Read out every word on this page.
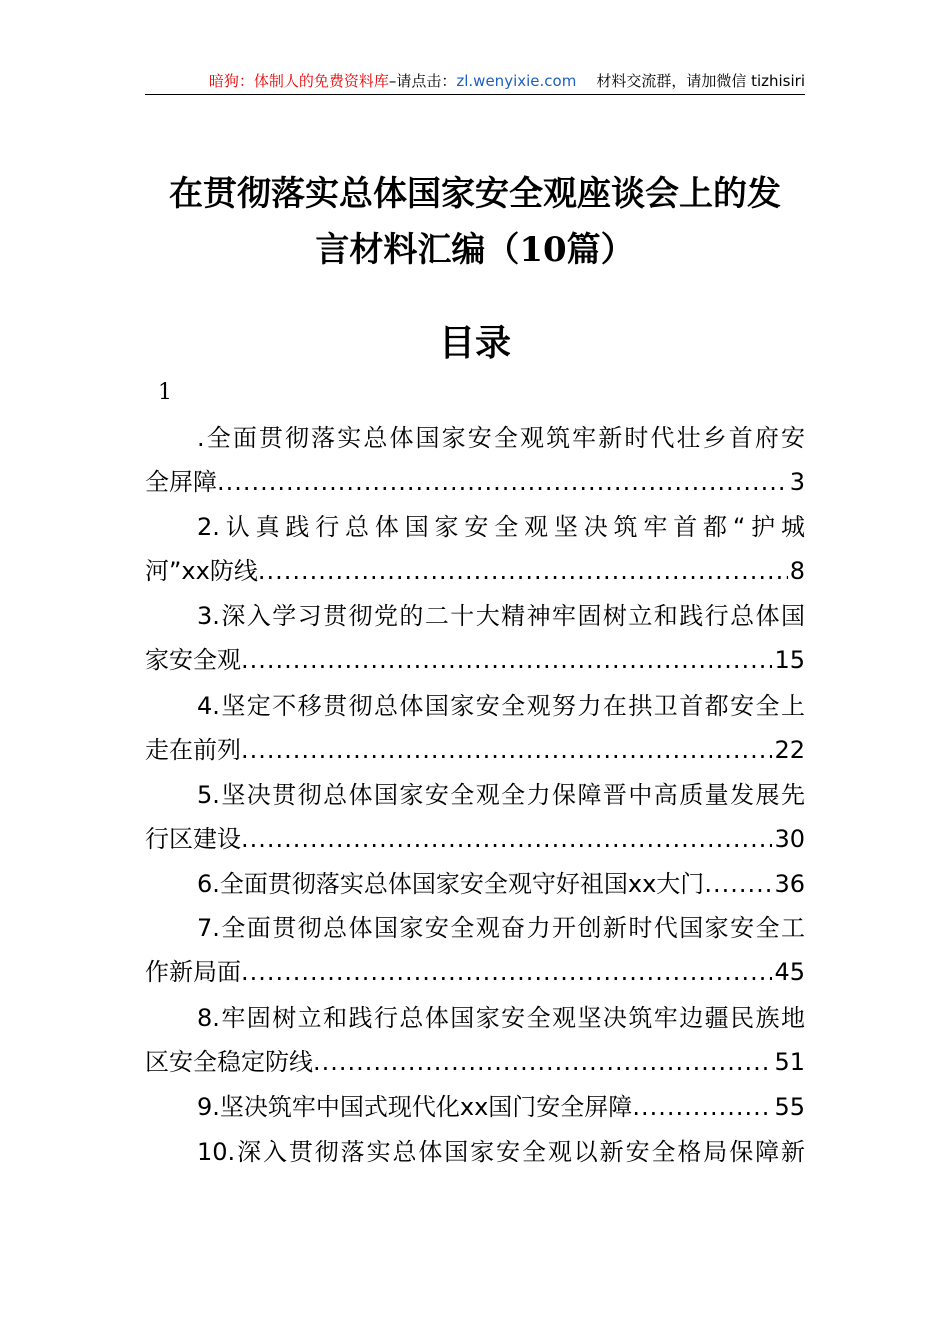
暗狗：体制人的免费资料库–请点击：zl.wenyixie.com 材料交流群，请加微信 tizhisiri
在贯彻落实总体国家安全观座谈会上的发
言材料汇编（10篇）
目录
1
.全面贯彻落实总体国家安全观筑牢新时代壮乡首府安
全屏障 .....	3
2.认真践行总体国家安全观坚决筑牢首都“护城
河”xx防线 .....	8
3.深入学习贯彻党的二十大精神牢固树立和践行总体国
家安全观 .....	15
4.坚定不移贯彻总体国家安全观努力在拱卫首都安全上
走在前列 .....	22
5.坚决贯彻总体国家安全观全力保障晋中高质量发展先
行区建设 .....	30
6.全面贯彻落实总体国家安全观守好祖国xx大门 .....	36
7.全面贯彻总体国家安全观奋力开创新时代国家安全工
作新局面 .....	45
8.牢固树立和践行总体国家安全观坚决筑牢边疆民族地
区安全稳定防线 .....	51
9.坚决筑牢中国式现代化xx国门安全屏障 .....	55
10.深入贯彻落实总体国家安全观以新安全格局保障新
